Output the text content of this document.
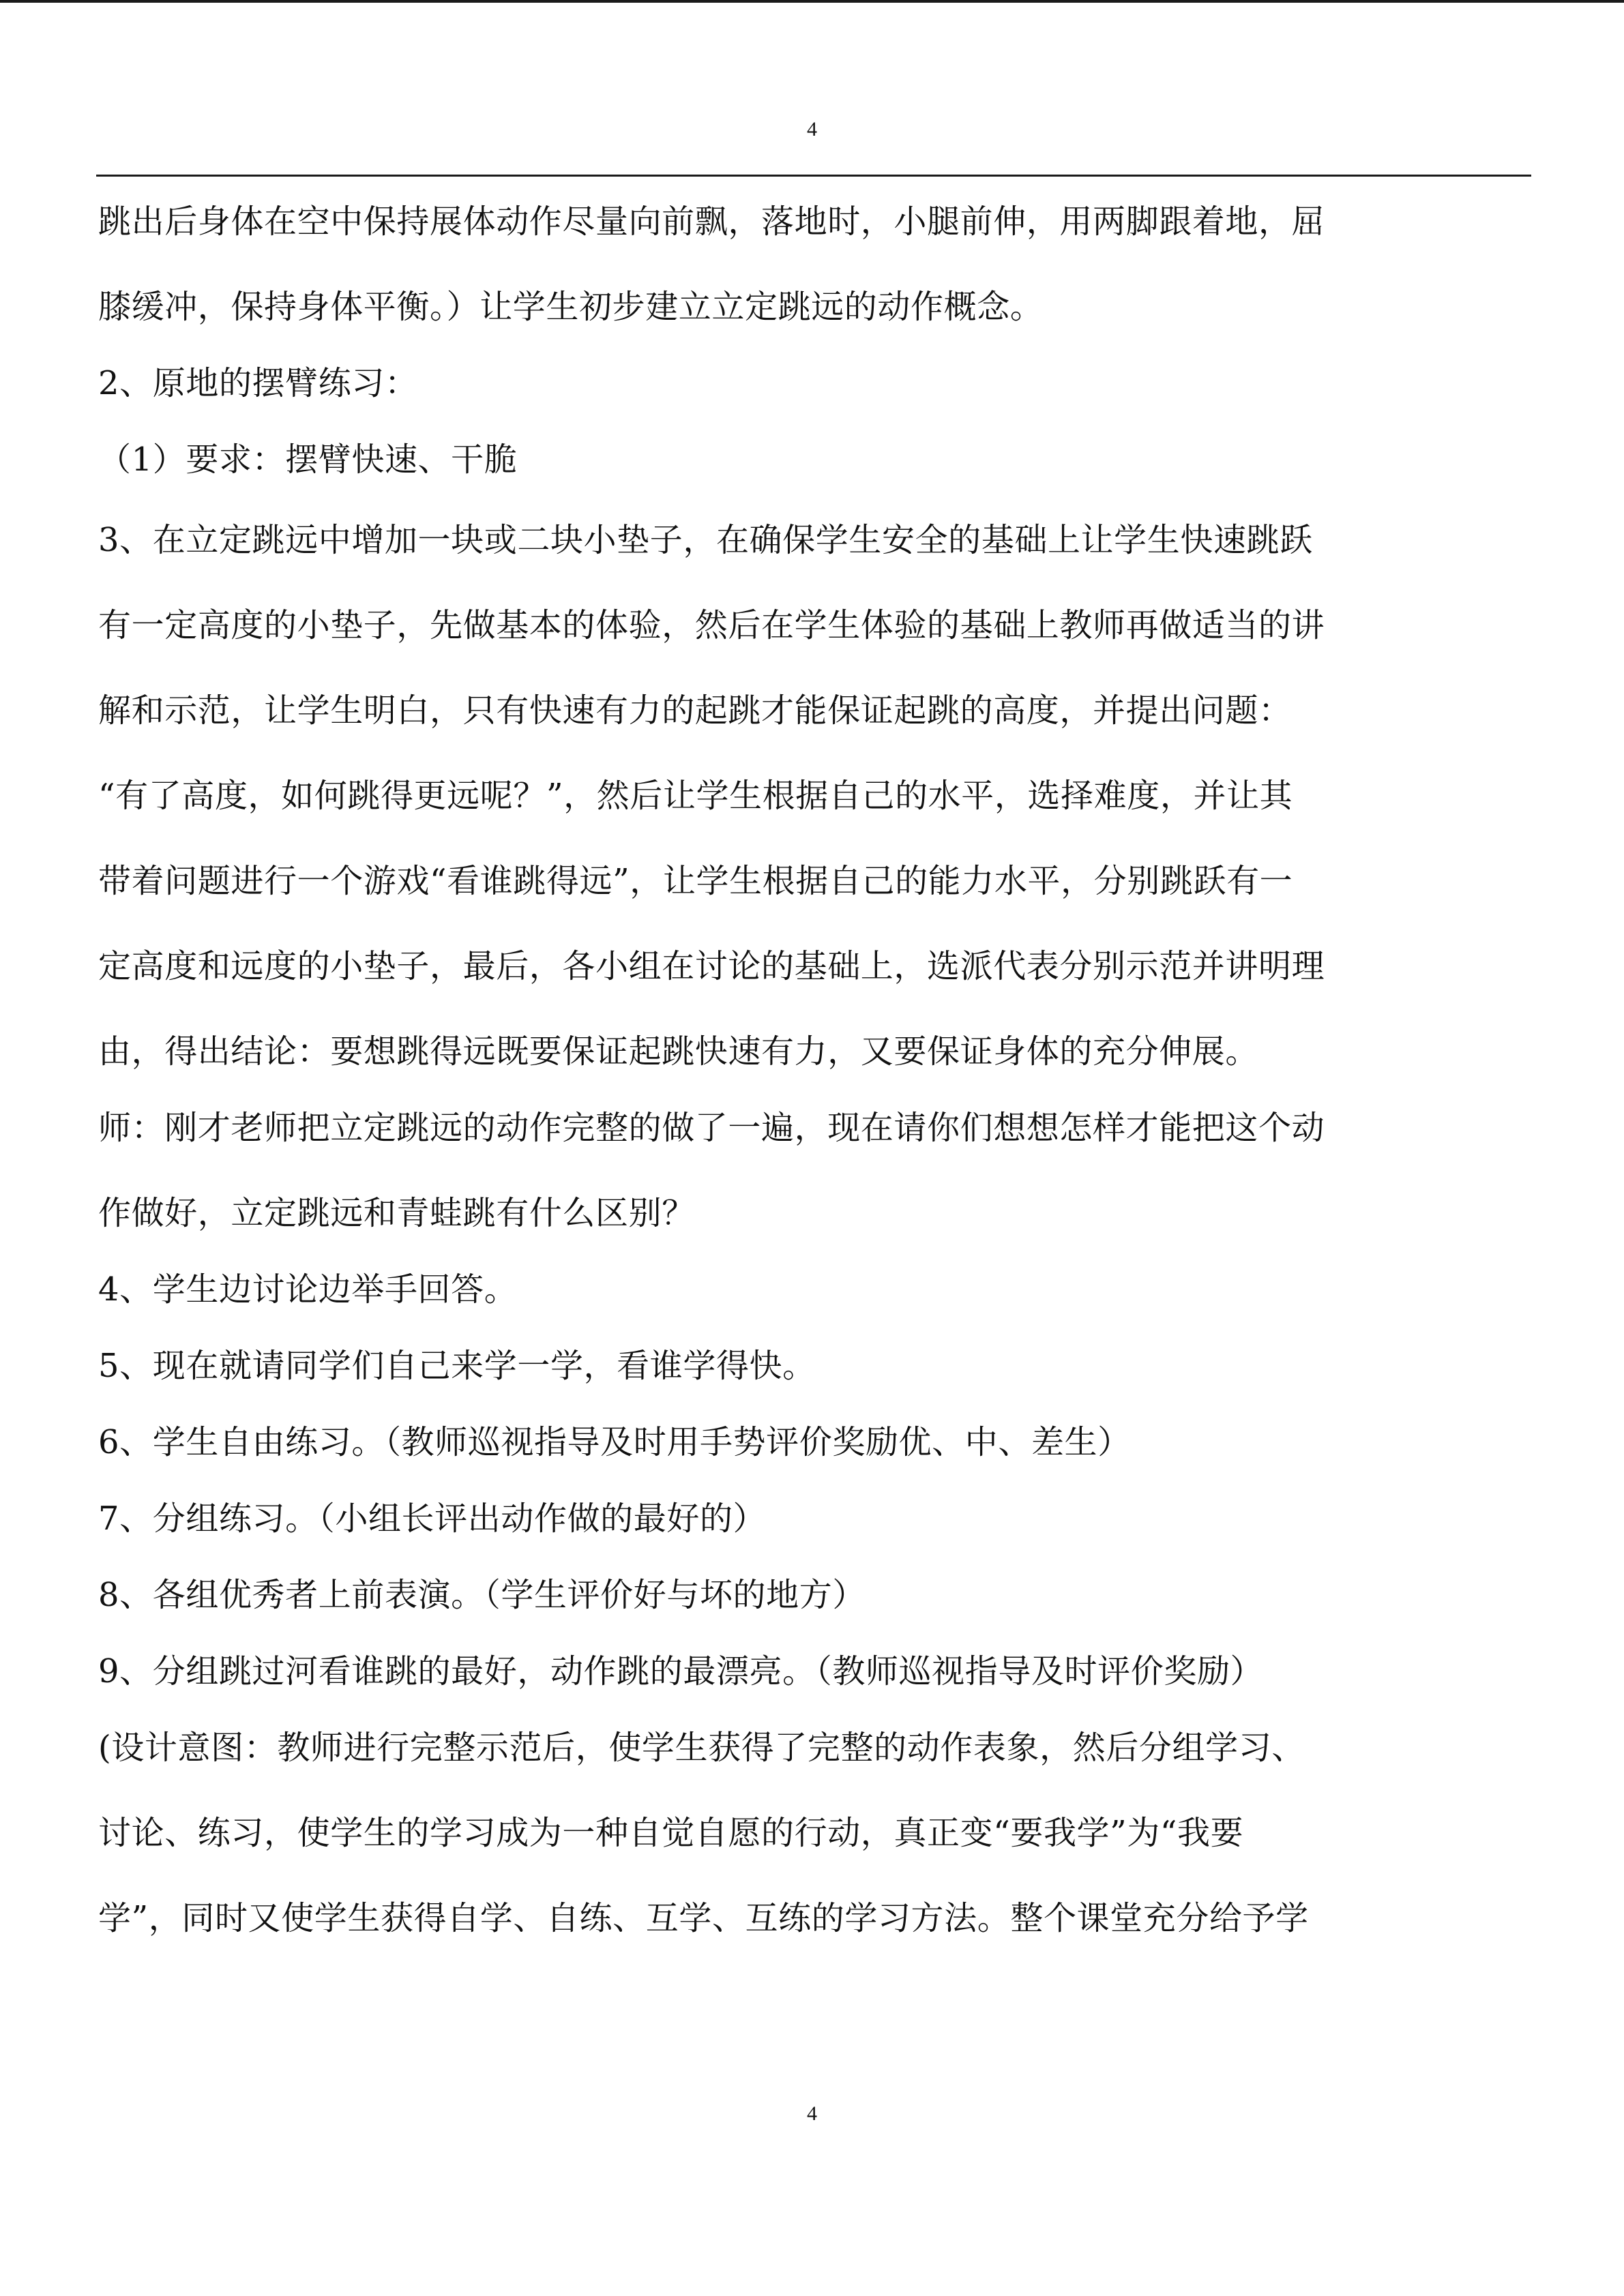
4
跳出后身体在空中保持展体动作尽量向前飘，落地时，小腿前伸，用两脚跟着地，屈
膝缓冲，保持身体平衡。）让学生初步建立立定跳远的动作概念。
2、原地的摆臂练习：
（1）要求：摆臂快速、干脆
3、在立定跳远中增加一块或二块小垫子，在确保学生安全的基础上让学生快速跳跃
有一定高度的小垫子，先做基本的体验，然后在学生体验的基础上教师再做适当的讲
解和示范，让学生明白，只有快速有力的起跳才能保证起跳的高度，并提出问题：
“有了高度，如何跳得更远呢？”，然后让学生根据自己的水平，选择难度，并让其
带着问题进行一个游戏“看谁跳得远”，让学生根据自己的能力水平，分别跳跃有一
定高度和远度的小垫子，最后，各小组在讨论的基础上，选派代表分别示范并讲明理
由，得出结论：要想跳得远既要保证起跳快速有力，又要保证身体的充分伸展。
师：刚才老师把立定跳远的动作完整的做了一遍，现在请你们想想怎样才能把这个动
作做好，立定跳远和青蛙跳有什么区别？
4、学生边讨论边举手回答。
5、现在就请同学们自己来学一学，看谁学得快。
6、学生自由练习。（教师巡视指导及时用手势评价奖励优、中、差生）
7、分组练习。（小组长评出动作做的最好的）
8、各组优秀者上前表演。（学生评价好与坏的地方）
9、分组跳过河看谁跳的最好，动作跳的最漂亮。（教师巡视指导及时评价奖励）
(设计意图：教师进行完整示范后，使学生获得了完整的动作表象，然后分组学习、
讨论、练习，使学生的学习成为一种自觉自愿的行动，真正变“要我学”为“我要
学”，同时又使学生获得自学、自练、互学、互练的学习方法。整个课堂充分给予学
4
